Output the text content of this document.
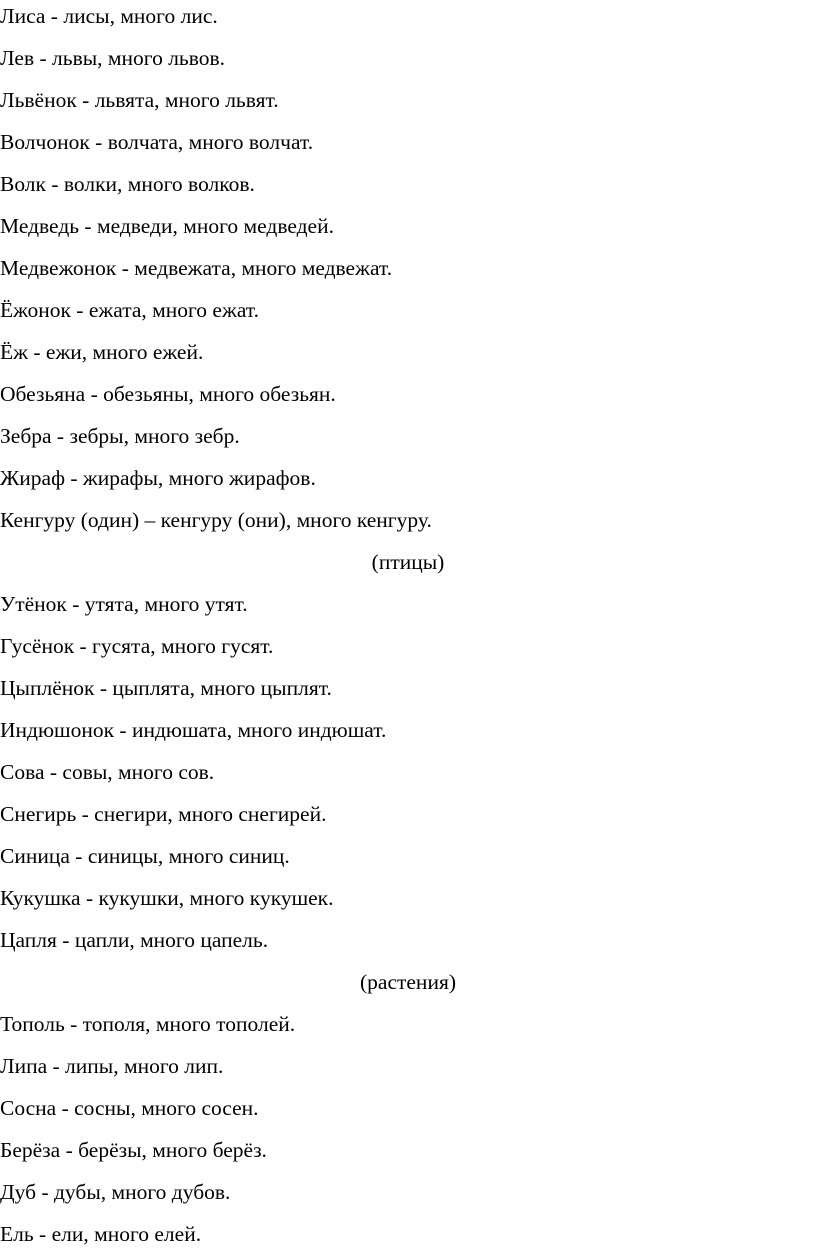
Лиса - лисы, много лис.
Лев - львы, много львов.
Львёнок - львята, много львят.
Волчонок - волчата, много волчат.
Волк - волки, много волков.
Медведь - медведи, много медведей.
Медвежонок - медвежата, много медвежат.
Ёжонок - ежата, много ежат.
Ёж - ежи, много ежей.
Обезьяна - обезьяны, много обезьян.
Зебра - зебры, много зебр.
Жираф - жирафы, много жирафов.
Кенгуру (один) – кенгуру (они), много кенгуру.
(птицы)
Утёнок - утята, много утят.
Гусёнок - гусята, много гусят.
Цыплёнок - цыплята, много цыплят.
Индюшонок - индюшата, много индюшат.
Сова - совы, много сов.
Снегирь - снегири, много снегирей.
Синица - синицы, много синиц.
Кукушка - кукушки, много кукушек.
Цапля - цапли, много цапель.
(растения)
Тополь - тополя, много тополей.
Липа - липы, много лип.
Сосна - сосны, много сосен.
Берёза - берёзы, много берёз.
Дуб - дубы, много дубов.
Ель - ели, много елей.
